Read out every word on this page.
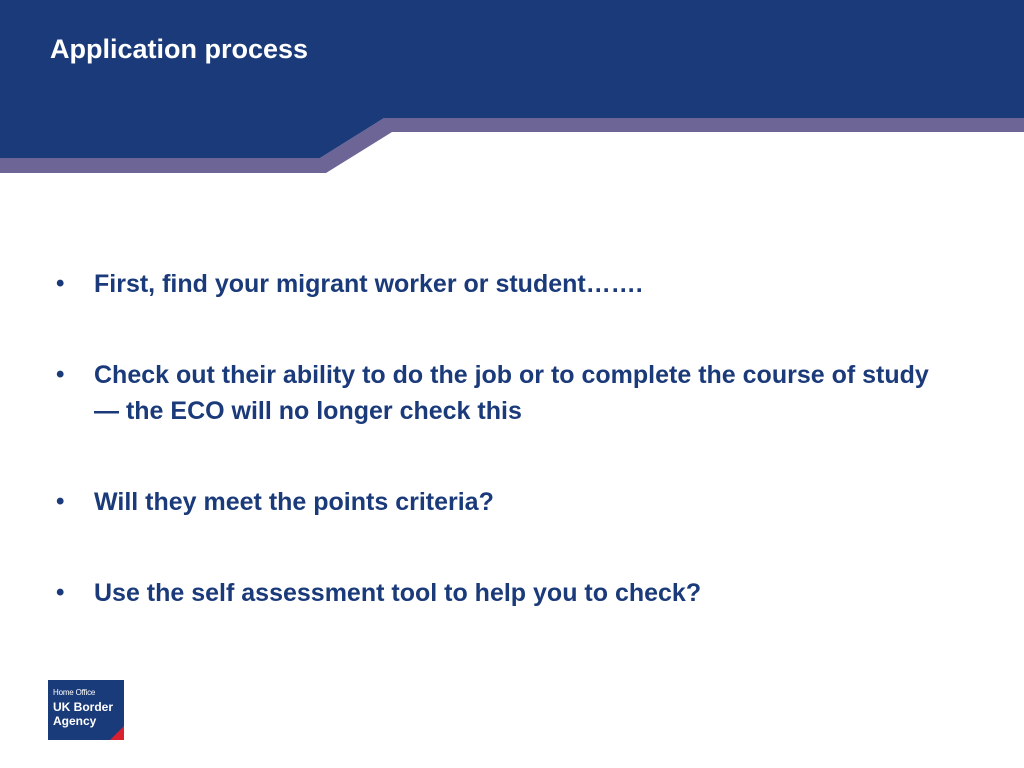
Application process
•	First, find your migrant worker or student…….
•	Check out their ability to do the job or to complete the course of study — the ECO will no longer check this
•	Will they meet the points criteria?
•	Use the self assessment tool to help you to check?
Home Office
UK Border
Agency
